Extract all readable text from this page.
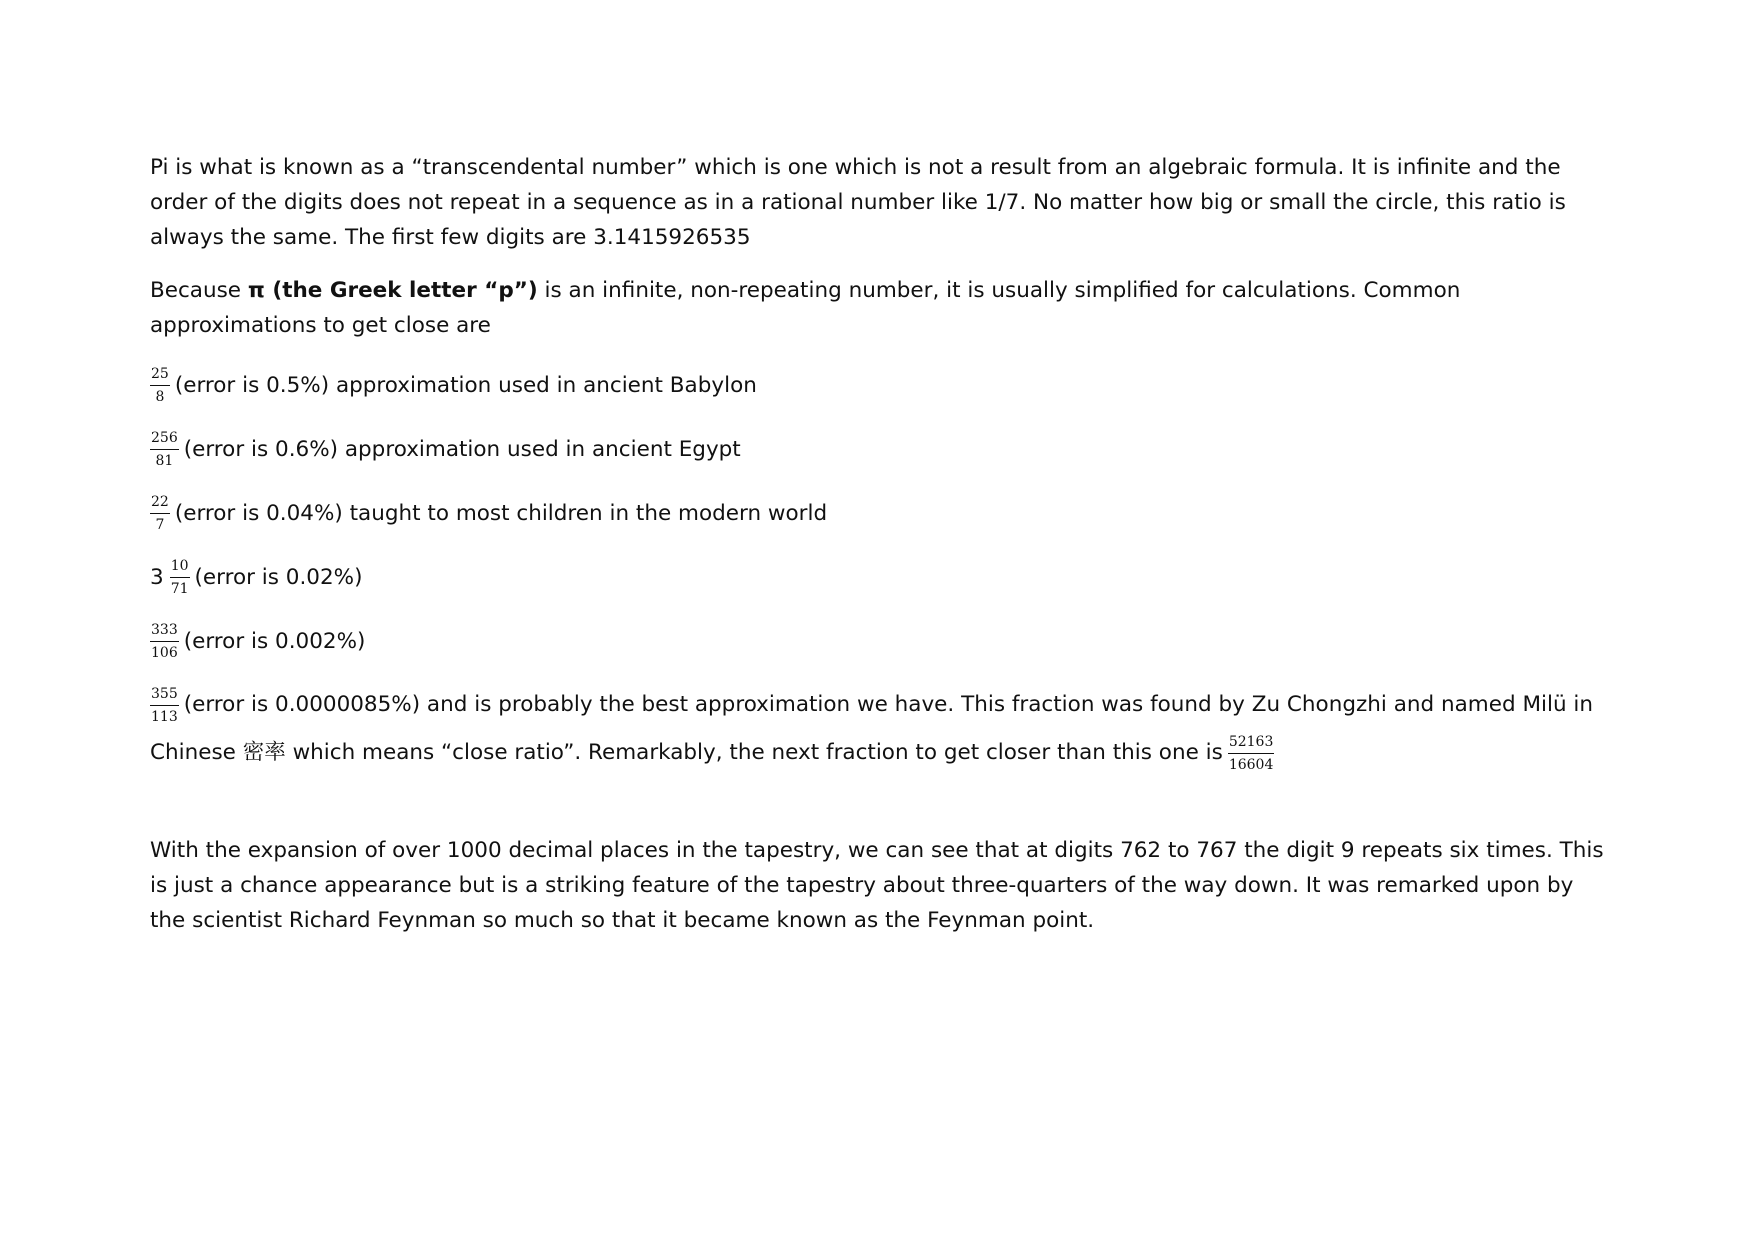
Pi is what is known as a “transcendental number” which is one which is not a result from an algebraic formula. It is infinite and the order of the digits does not repeat in a sequence as in a rational number like 1/7. No matter how big or small the circle, this ratio is always the same. The first few digits are 3.1415926535

Because π (the Greek letter “p”) is an infinite, non-repeating number, it is usually simplified for calculations. Common approximations to get close are

$\frac{25}{8}$ (error is 0.5%) approximation used in ancient Babylon
$\frac{256}{81}$ (error is 0.6%) approximation used in ancient Egypt
$\frac{22}{7}$ (error is 0.04%) taught to most children in the modern world
$3 \frac{10}{71}$ (error is 0.02%)
$\frac{333}{106}$ (error is 0.002%)

$\frac{355}{113}$ (error is 0.0000085%) and is probably the best approximation we have. This fraction was found by Zu Chongzhi and named Milü in Chinese 密率 which means “close ratio”. Remarkably, the next fraction to get closer than this one is $\frac{52163}{16604}$

With the expansion of over 1000 decimal places in the tapestry, we can see that at digits 762 to 767 the digit 9 repeats six times. This is just a chance appearance but is a striking feature of the tapestry about three-quarters of the way down. It was remarked upon by the scientist Richard Feynman so much so that it became known as the Feynman point.
